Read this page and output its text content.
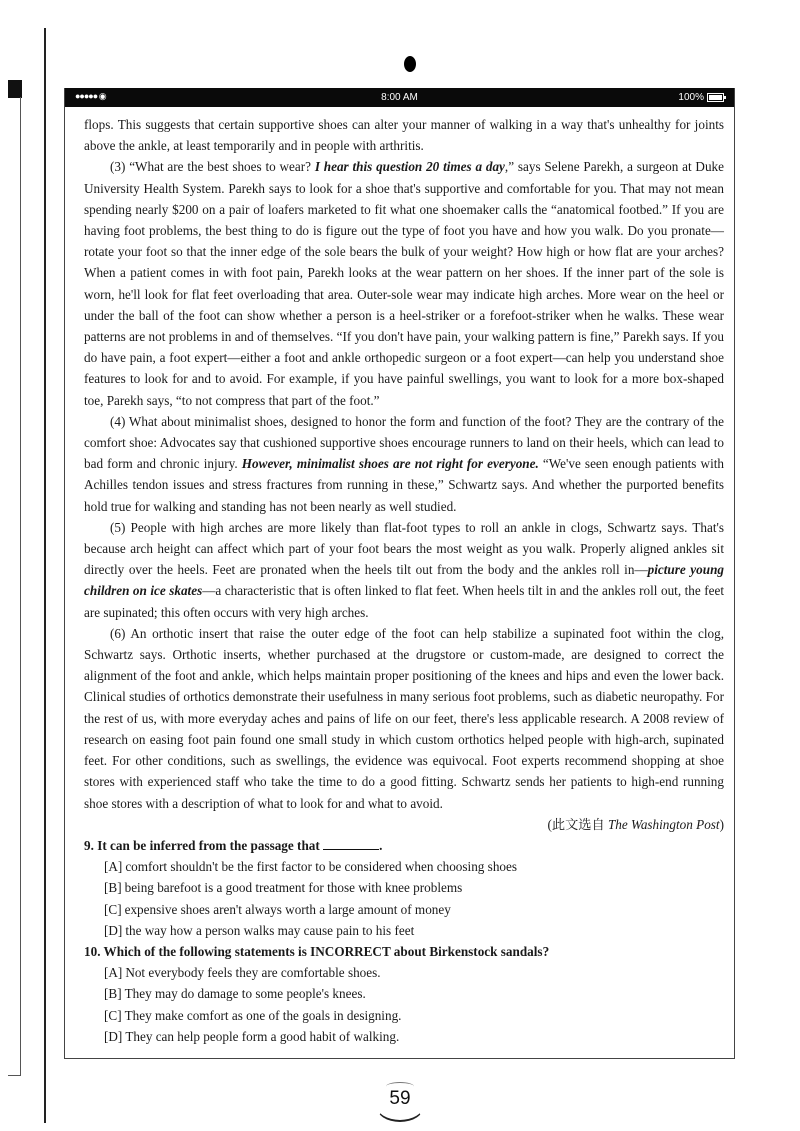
●●●●● ◉	8:00 AM	100%

flops. This suggests that certain supportive shoes can alter your manner of walking in a way that's unhealthy for joints above the ankle, at least temporarily and in people with arthritis.

(3) “What are the best shoes to wear? I hear this question 20 times a day,” says Selene Parekh, a surgeon at Duke University Health System. Parekh says to look for a shoe that's supportive and comfortable for you. That may not mean spending nearly $200 on a pair of loafers marketed to fit what one shoemaker calls the “anatomical footbed.” If you are having foot problems, the best thing to do is figure out the type of foot you have and how you walk. Do you pronate—rotate your foot so that the inner edge of the sole bears the bulk of your weight? How high or how flat are your arches? When a patient comes in with foot pain, Parekh looks at the wear pattern on her shoes. If the inner part of the sole is worn, he'll look for flat feet overloading that area. Outer-sole wear may indicate high arches. More wear on the heel or under the ball of the foot can show whether a person is a heel-striker or a forefoot-striker when he walks. These wear patterns are not problems in and of themselves. “If you don't have pain, your walking pattern is fine,” Parekh says. If you do have pain, a foot expert—either a foot and ankle orthopedic surgeon or a foot expert—can help you understand shoe features to look for and to avoid. For example, if you have painful swellings, you want to look for a more box-shaped toe, Parekh says, “to not compress that part of the foot.”

(4) What about minimalist shoes, designed to honor the form and function of the foot? They are the contrary of the comfort shoe: Advocates say that cushioned supportive shoes encourage runners to land on their heels, which can lead to bad form and chronic injury. However, minimalist shoes are not right for everyone. “We've seen enough patients with Achilles tendon issues and stress fractures from running in these,” Schwartz says. And whether the purported benefits hold true for walking and standing has not been nearly as well studied.

(5) People with high arches are more likely than flat-foot types to roll an ankle in clogs, Schwartz says. That's because arch height can affect which part of your foot bears the most weight as you walk. Properly aligned ankles sit directly over the heels. Feet are pronated when the heels tilt out from the body and the ankles roll in—picture young children on ice skates—a characteristic that is often linked to flat feet. When heels tilt in and the ankles roll out, the feet are supinated; this often occurs with very high arches.

(6) An orthotic insert that raise the outer edge of the foot can help stabilize a supinated foot within the clog, Schwartz says. Orthotic inserts, whether purchased at the drugstore or custom-made, are designed to correct the alignment of the foot and ankle, which helps maintain proper positioning of the knees and hips and even the lower back. Clinical studies of orthotics demonstrate their usefulness in many serious foot problems, such as diabetic neuropathy. For the rest of us, with more everyday aches and pains of life on our feet, there's less applicable research. A 2008 review of research on easing foot pain found one small study in which custom orthotics helped people with high-arch, supinated feet. For other conditions, such as swellings, the evidence was equivocal. Foot experts recommend shopping at shoe stores with experienced staff who take the time to do a good fitting. Schwartz sends her patients to high-end running shoe stores with a description of what to look for and what to avoid.

(此文选自 The Washington Post)

9. It can be inferred from the passage that	.

[A] comfort shouldn't be the first factor to be considered when choosing shoes

[B] being barefoot is a good treatment for those with knee problems

[C] expensive shoes aren't always worth a large amount of money

[D] the way how a person walks may cause pain to his feet

10. Which of the following statements is INCORRECT about Birkenstock sandals?

[A] Not everybody feels they are comfortable shoes.

[B] They may do damage to some people's knees.

[C] They make comfort as one of the goals in designing.

[D] They can help people form a good habit of walking.

59
